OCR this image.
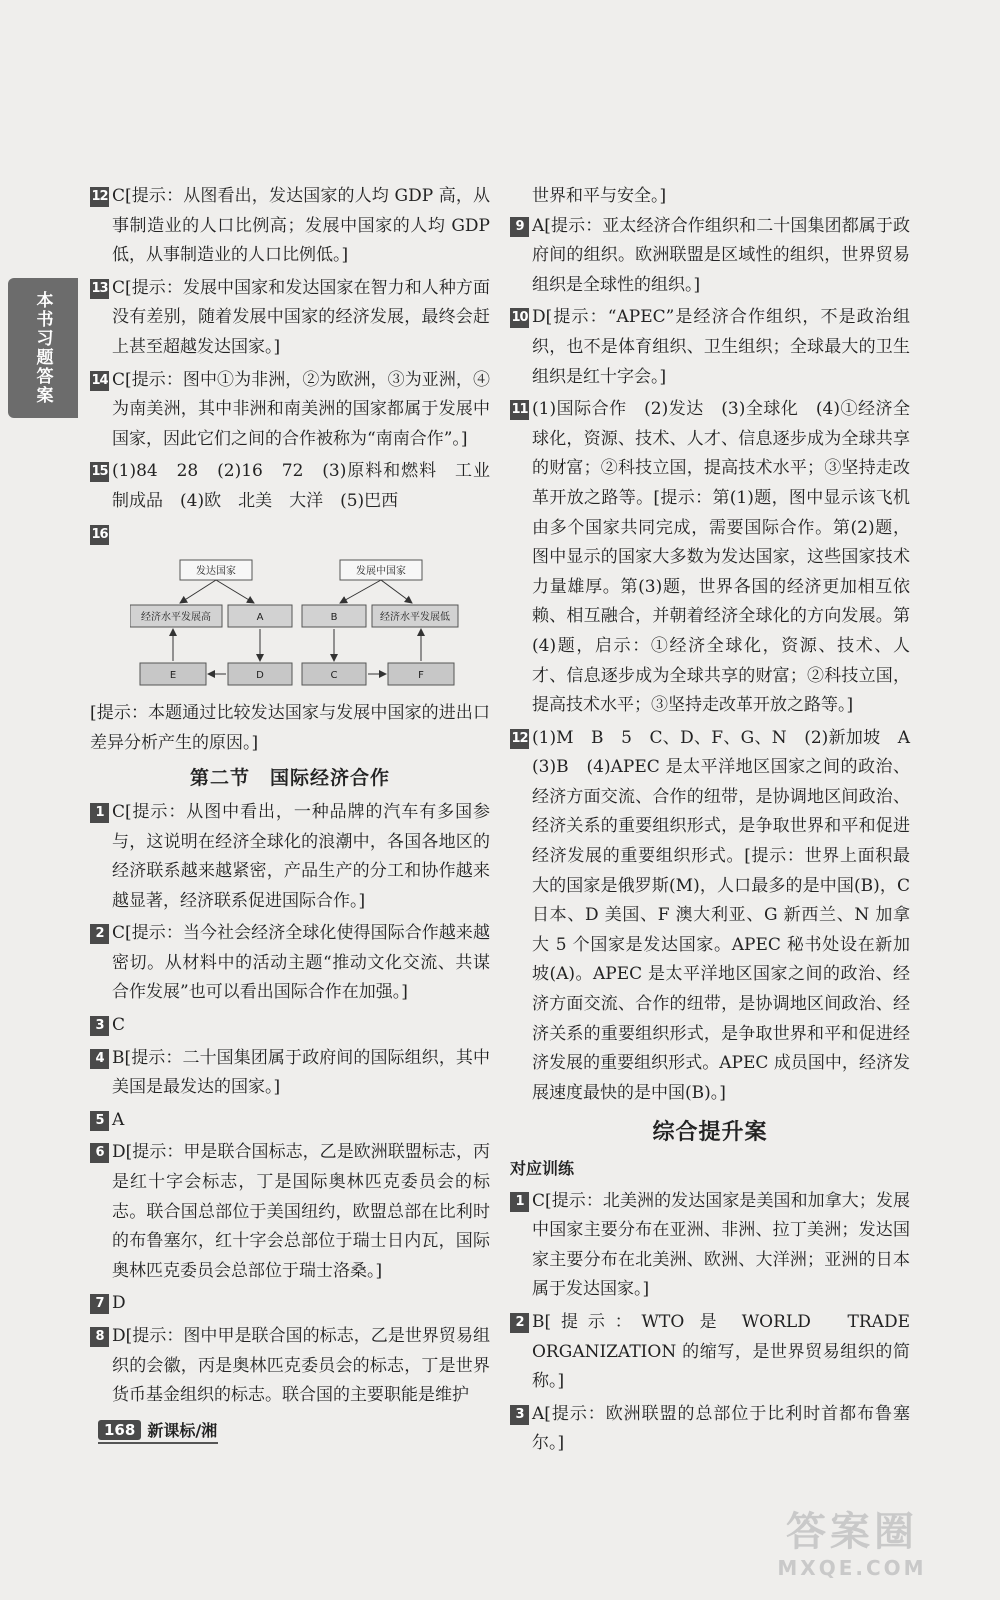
本书习题答案
12 C[提示：从图看出，发达国家的人均 GDP 高，从事制造业的人口比例高；发展中国家的人均 GDP 低，从事制造业的人口比例低。]
13 C[提示：发展中国家和发达国家在智力和人种方面没有差别，随着发展中国家的经济发展，最终会赶上甚至超越发达国家。]
14 C[提示：图中①为非洲，②为欧洲，③为亚洲，④为南美洲，其中非洲和南美洲的国家都属于发展中国家，因此它们之间的合作被称为“南南合作”。]
15 (1)84　28　(2)16　72　(3)原料和燃料　工业制成品　(4)欧　北美　大洋　(5)巴西
16

发达国家	发展中国家
经济水平发展高	A	B	经济水平发展低
E	D	C	F
[提示：本题通过比较发达国家与发展中国家的进出口差异分析产生的原因。]
第二节　国际经济合作
1 C[提示：从图中看出，一种品牌的汽车有多国参与，这说明在经济全球化的浪潮中，各国各地区的经济联系越来越紧密，产品生产的分工和协作越来越显著，经济联系促进国际合作。]
2 C[提示：当今社会经济全球化使得国际合作越来越密切。从材料中的活动主题“推动文化交流、共谋合作发展”也可以看出国际合作在加强。]
3 C
4 B[提示：二十国集团属于政府间的国际组织，其中美国是最发达的国家。]
5 A
6 D[提示：甲是联合国标志，乙是欧洲联盟标志，丙是红十字会标志，丁是国际奥林匹克委员会的标志。联合国总部位于美国纽约，欧盟总部在比利时的布鲁塞尔，红十字会总部位于瑞士日内瓦，国际奥林匹克委员会总部位于瑞士洛桑。]
7 D
8 D[提示：图中甲是联合国的标志，乙是世界贸易组织的会徽，丙是奥林匹克委员会的标志，丁是世界货币基金组织的标志。联合国的主要职能是维护
世界和平与安全。]
9 A[提示：亚太经济合作组织和二十国集团都属于政府间的组织。欧洲联盟是区域性的组织，世界贸易组织是全球性的组织。]
10 D[提示：“APEC”是经济合作组织，不是政治组织，也不是体育组织、卫生组织；全球最大的卫生组织是红十字会。]
11 (1)国际合作　(2)发达　(3)全球化　(4)①经济全球化，资源、技术、人才、信息逐步成为全球共享的财富；②科技立国，提高技术水平；③坚持走改革开放之路等。[提示：第(1)题，图中显示该飞机由多个国家共同完成，需要国际合作。第(2)题，图中显示的国家大多数为发达国家，这些国家技术力量雄厚。第(3)题，世界各国的经济更加相互依赖、相互融合，并朝着经济全球化的方向发展。第(4)题，启示：①经济全球化，资源、技术、人才、信息逐步成为全球共享的财富；②科技立国，提高技术水平；③坚持走改革开放之路等。]
12 (1)M　B　5　C、D、F、G、N　(2)新加坡　A　(3)B　(4)APEC 是太平洋地区国家之间的政治、经济方面交流、合作的纽带，是协调地区间政治、经济关系的重要组织形式，是争取世界和平和促进经济发展的重要组织形式。[提示：世界上面积最大的国家是俄罗斯(M)，人口最多的是中国(B)，C 日本、D 美国、F 澳大利亚、G 新西兰、N 加拿大 5 个国家是发达国家。APEC 秘书处设在新加坡(A)。APEC 是太平洋地区国家之间的政治、经济方面交流、合作的纽带，是协调地区间政治、经济关系的重要组织形式，是争取世界和平和促进经济发展的重要组织形式。APEC 成员国中，经济发展速度最快的是中国(B)。]
综合提升案
对应训练
1 C[提示：北美洲的发达国家是美国和加拿大；发展中国家主要分布在亚洲、非洲、拉丁美洲；发达国家主要分布在北美洲、欧洲、大洋洲；亚洲的日本属于发达国家。]
2 B[提示：WTO 是 WORLD　TRADE　ORGANIZATION 的缩写，是世界贸易组织的简称。]
3 A[提示：欧洲联盟的总部位于比利时首都布鲁塞尔。]
168 新课标/湘
答案圈
MXQE.COM
